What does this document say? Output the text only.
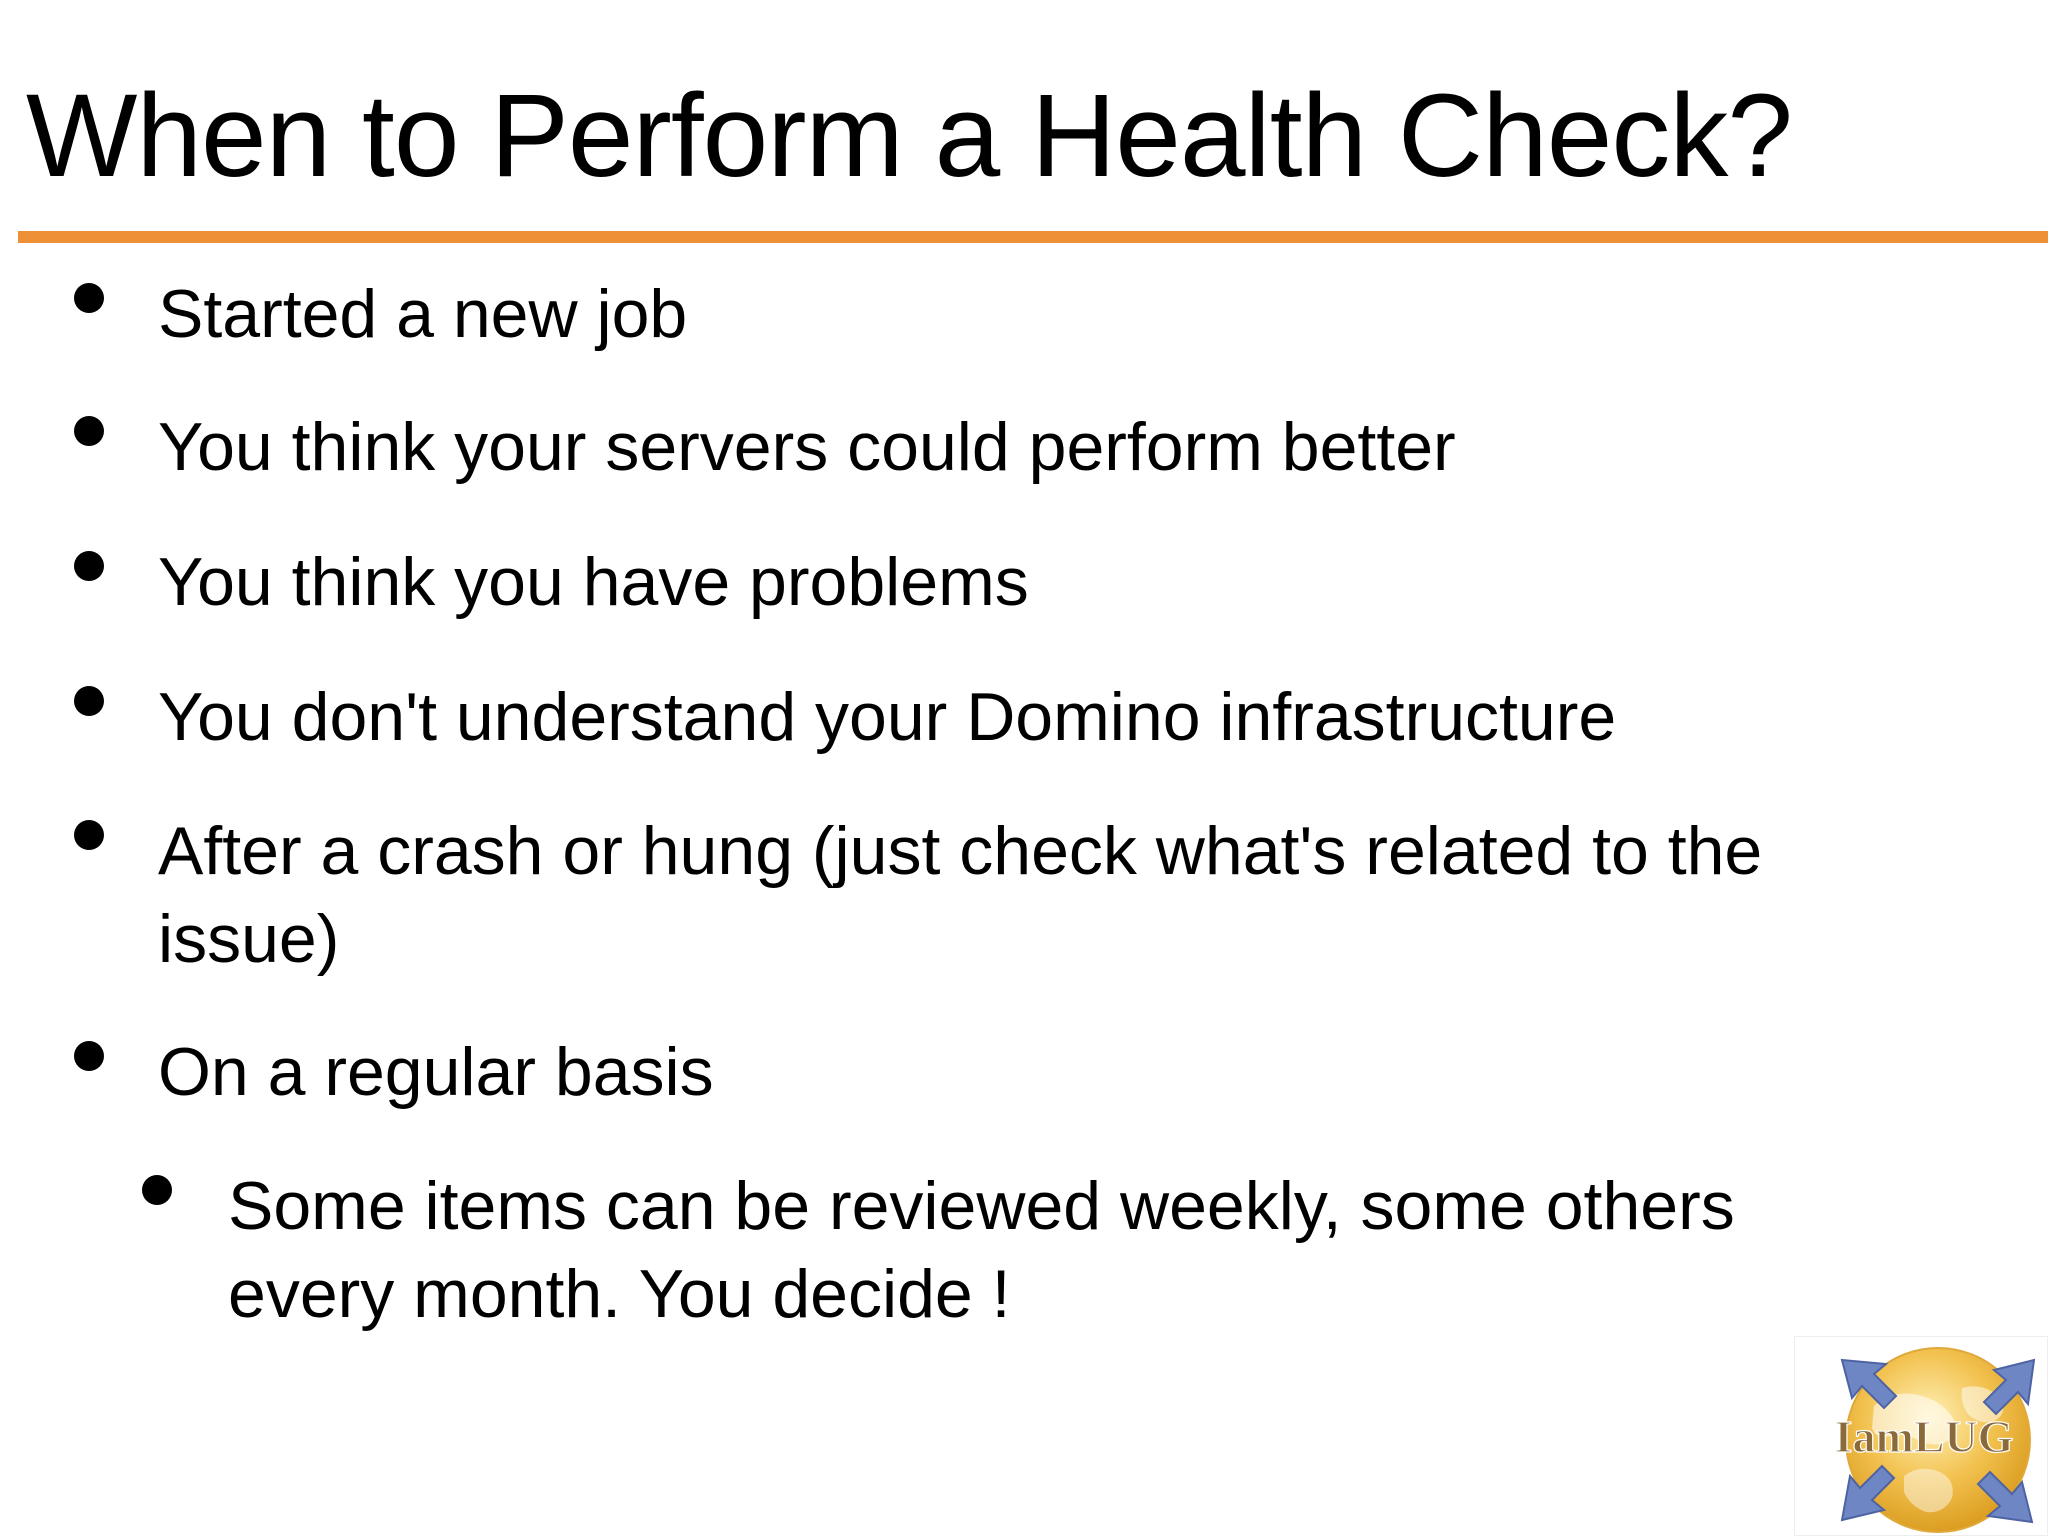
When to Perform a Health Check?
Started a new job
You think your servers could perform better
You think you have problems
You don't understand your Domino infrastructure
After a crash or hung (just check what's related to the
issue)
On a regular basis
Some items can be reviewed weekly, some others
every month. You decide !
IamLUG
